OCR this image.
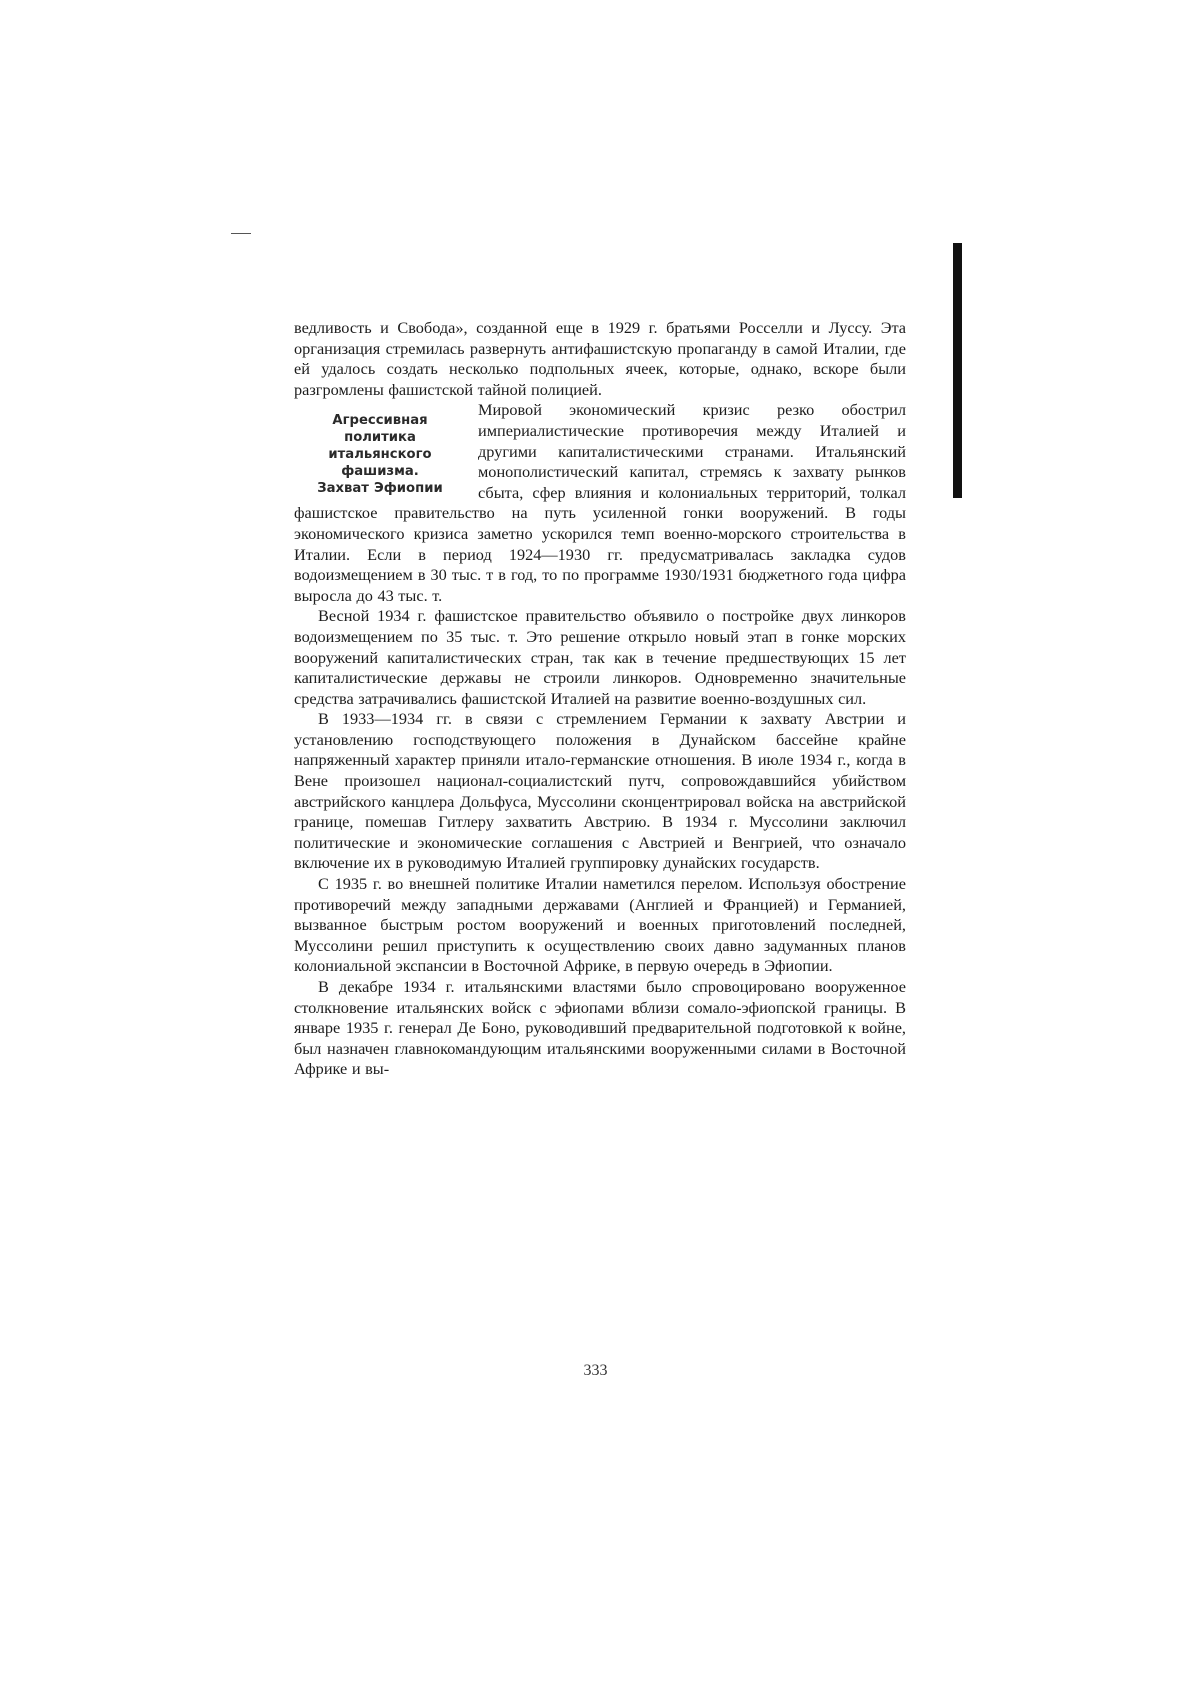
ведливость и Свобода», созданной еще в 1929 г. братьями Росселли и Луссу. Эта организация стремилась развернуть антифашистскую пропаганду в самой Италии, где ей удалось создать несколько подпольных ячеек, которые, однако, вскоре были разгромлены фашистской тайной полицией.

Агрессивная
политика
итальянского
фашизма.
Захват Эфиопии

Мировой экономический кризис резко обострил империалистические противоречия между Италией и другими капиталистическими странами. Итальянский монополистический капитал, стремясь к захвату рынков сбыта, сфер влияния и колониальных территорий, толкал фашистское правительство на путь усиленной гонки вооружений. В годы экономического кризиса заметно ускорился темп военно-морского строительства в Италии. Если в период 1924—1930 гг. предусматривалась закладка судов водоизмещением в 30 тыс. т в год, то по программе 1930/1931 бюджетного года цифра выросла до 43 тыс. т.

Весной 1934 г. фашистское правительство объявило о постройке двух линкоров водоизмещением по 35 тыс. т. Это решение открыло новый этап в гонке морских вооружений капиталистических стран, так как в течение предшествующих 15 лет капиталистические державы не строили линкоров. Одновременно значительные средства затрачивались фашистской Италией на развитие военно-воздушных сил.

В 1933—1934 гг. в связи с стремлением Германии к захвату Австрии и установлению господствующего положения в Дунайском бассейне крайне напряженный характер приняли итало-германские отношения. В июле 1934 г., когда в Вене произошел национал-социалистский путч, сопровождавшийся убийством австрийского канцлера Дольфуса, Муссолини сконцентрировал войска на австрийской границе, помешав Гитлеру захватить Австрию. В 1934 г. Муссолини заключил политические и экономические соглашения с Австрией и Венгрией, что означало включение их в руководимую Италией группировку дунайских государств.

С 1935 г. во внешней политике Италии наметился перелом. Используя обострение противоречий между западными державами (Англией и Францией) и Германией, вызванное быстрым ростом вооружений и военных приготовлений последней, Муссолини решил приступить к осуществлению своих давно задуманных планов колониальной экспансии в Восточной Африке, в первую очередь в Эфиопии.

В декабре 1934 г. итальянскими властями было спровоцировано вооруженное столкновение итальянских войск с эфиопами вблизи сомало-эфиопской границы. В январе 1935 г. генерал Де Боно, руководивший предварительной подготовкой к войне, был назначен главнокомандующим итальянскими вооруженными силами в Восточной Африке и вы-

333
